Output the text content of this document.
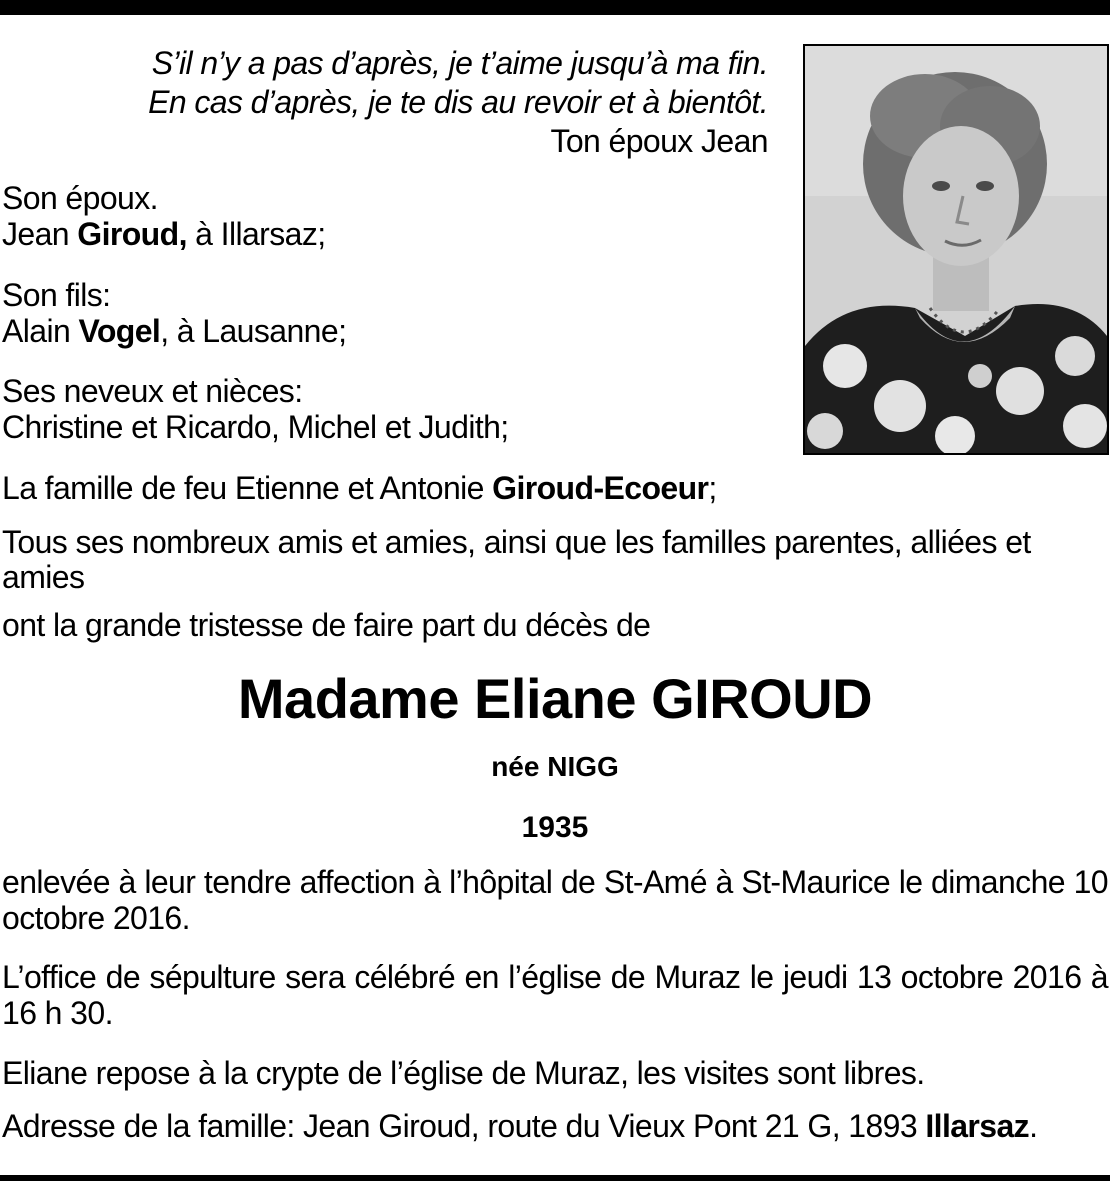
S’il n’y a pas d’après, je t’aime jusqu’à ma fin.
En cas d’après, je te dis au revoir et à bientôt.
Ton époux Jean
Son époux.
Jean Giroud, à Illarsaz;
Son fils:
Alain Vogel, à Lausanne;
Ses neveux et nièces:
Christine et Ricardo, Michel et Judith;
La famille de feu Etienne et Antonie Giroud-Ecoeur;
Tous ses nombreux amis et amies, ainsi que les familles parentes, alliées et amies
ont la grande tristesse de faire part du décès de
Madame Eliane GIROUD
née NIGG
1935
enlevée à leur tendre affection à l’hôpital de St-Amé à St-Maurice le dimanche 10 octobre 2016.
L’office de sépulture sera célébré en l’église de Muraz le jeudi 13 octobre 2016 à 16 h 30.
Eliane repose à la crypte de l’église de Muraz, les visites sont libres.
Adresse de la famille: Jean Giroud, route du Vieux Pont 21 G, 1893 Illarsaz.
